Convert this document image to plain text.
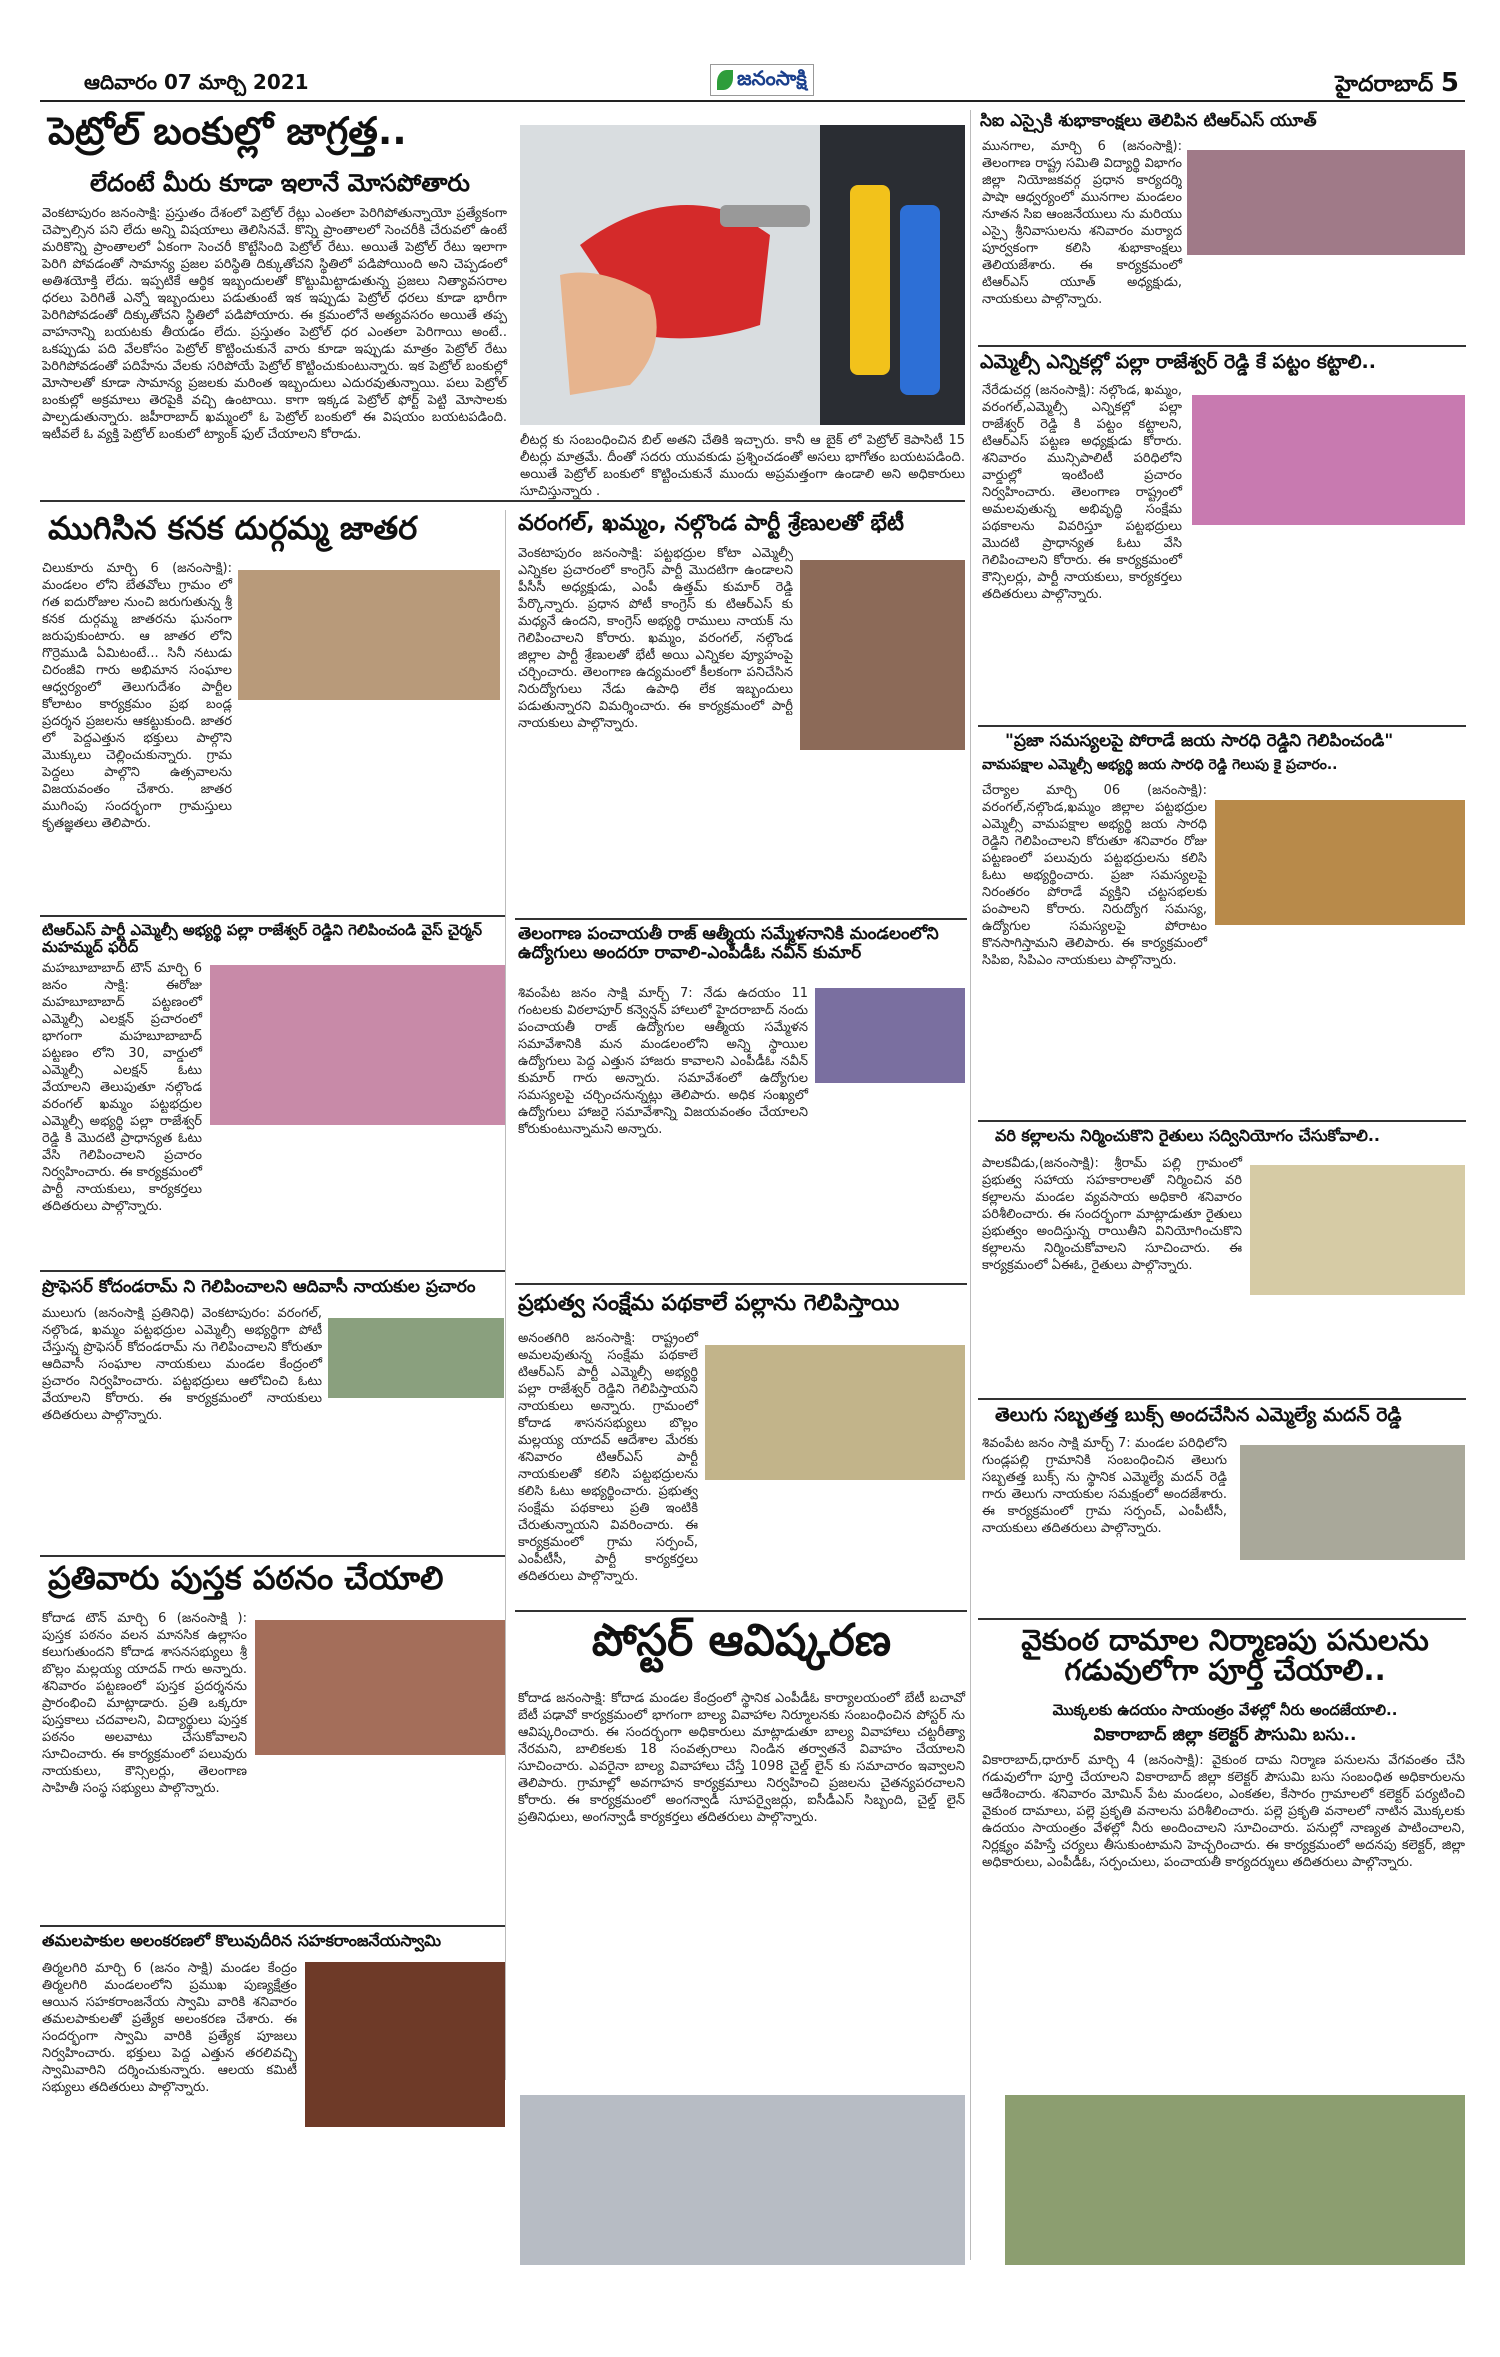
ఆదివారం 07 మార్చి 2021	జనంసాక్షి	హైదరాబాద్ 5
పెట్రోల్ బంకుల్లో జాగ్రత్త..
లేదంటే మీరు కూడా ఇలానే మోసపోతారు
వెంకటాపురం జనంసాక్షి: ప్రస్తుతం దేశంలో పెట్రోల్ రేట్లు ఎంతలా పెరిగిపోతున్నాయో ప్రత్యేకంగా చెప్పాల్సిన పని లేదు అన్ని విషయాలు తెలిసినవే. కొన్ని ప్రాంతాలలో సెంచరీకి చేరువలో ఉంటే మరికొన్ని ప్రాంతాలలో ఏకంగా సెంచరీ కొట్టేసింది పెట్రోల్ రేటు. అయితే పెట్రోల్ రేటు ఇలాగా పెరిగి పోవడంతో సామాన్య ప్రజల పరిస్థితి దిక్కుతోచని స్థితిలో పడిపోయింది అని చెప్పడంలో అతిశయోక్తి లేదు. ఇప్పటికే ఆర్థిక ఇబ్బందులతో కొట్టుమిట్టాడుతున్న ప్రజలు నిత్యావసరాల ధరలు పెరిగితే ఎన్నో ఇబ్బందులు పడుతుంటే ఇక ఇప్పుడు పెట్రోల్ ధరలు కూడా భారీగా పెరిగిపోవడంతో దిక్కుతోచని స్థితిలో పడిపోయారు. ఈ క్రమంలోనే అత్యవసరం అయితే తప్ప వాహనాన్ని బయటకు తీయడం లేదు. ప్రస్తుతం పెట్రోల్ ధర ఎంతలా పెరిగాయి అంటే.. ఒకప్పుడు పది వేలకోసం పెట్రోల్ కొట్టించుకునే వారు కూడా ఇప్పుడు మాత్రం పెట్రోల్ రేటు పెరిగిపోవడంతో పదిహేను వేలకు సరిపోయే పెట్రోల్ కొట్టించుకుంటున్నారు. ఇక పెట్రోల్ బంకుల్లో మోసాలతో కూడా సామాన్య ప్రజలకు మరింత ఇబ్బందులు ఎదురవుతున్నాయి. పలు పెట్రోల్ బంకుల్లో అక్రమాలు తెరపైకి వచ్చి ఉంటాయి. కాగా ఇక్కడ పెట్రోల్ ఫోర్ట్ పెట్టి మోసాలకు పాల్పడుతున్నారు. జహీరాబాద్ ఖమ్మంలో ఓ పెట్రోల్ బంకులో ఈ విషయం బయటపడింది. ఇటీవలే ఓ వ్యక్తి పెట్రోల్ బంకులో ట్యాంక్ ఫుల్ చేయాలని కోరాడు.	లీటర్ల కు సంబంధించిన బిల్ అతని చేతికి ఇచ్చారు. కానీ ఆ బైక్ లో పెట్రోల్ కెపాసిటీ 15 లీటర్లు మాత్రమే. దీంతో సదరు యువకుడు ప్రశ్నించడంతో అసలు భాగోతం బయటపడింది. అయితే పెట్రోల్ బంకులో కొట్టించుకునే ముందు అప్రమత్తంగా ఉండాలి అని అధికారులు సూచిస్తున్నారు .
ముగిసిన కనక దుర్గమ్మ జాతర
చిలుకూరు మార్చి 6 (జనంసాక్షి): మండలం లోని బేతవోలు గ్రామం లో గత ఐదురోజుల నుంచి జరుగుతున్న శ్రీ కనక దుర్గమ్మ జాతరను ఘనంగా జరుపుకుంటారు. ఆ జాతర లోని గొర్రెముడి ఏమిటంటే... సినీ నటుడు చిరంజీవి గారు అభిమాన సంఘాల ఆధ్వర్యంలో తెలుగుదేశం పార్టీల కోలాటం కార్యక్రమం ప్రభ బండ్ల ప్రదర్శన ప్రజలను ఆకట్టుకుంది. జాతర లో పెద్దఎత్తున భక్తులు పాల్గొని మొక్కులు చెల్లించుకున్నారు. గ్రామ పెద్దలు పాల్గొని ఉత్సవాలను విజయవంతం చేశారు. జాతర ముగింపు సందర్భంగా గ్రామస్తులు కృతజ్ఞతలు తెలిపారు.
టిఆర్ఎస్ పార్టీ ఎమ్మెల్సీ అభ్యర్థి పల్లా రాజేశ్వర్ రెడ్డిని గెలిపించండి వైస్ చైర్మన్ మహమ్మద్ ఫరీద్
మహబూబాబాద్ టౌన్ మార్చి 6 జనం సాక్షి: ఈరోజు మహబూబాబాద్ పట్టణంలో ఎమ్మెల్సీ ఎలక్షన్ ప్రచారంలో భాగంగా మహబూబాబాద్ పట్టణం లోని 30, వార్డులో ఎమ్మెల్సీ ఎలక్షన్ ఓటు వేయాలని తెలుపుతూ నల్గొండ వరంగల్ ఖమ్మం పట్టభద్రుల ఎమ్మెల్సీ అభ్యర్థి పల్లా రాజేశ్వర్ రెడ్డి కి మొదటి ప్రాధాన్యత ఓటు వేసి గెలిపించాలని ప్రచారం నిర్వహించారు. ఈ కార్యక్రమంలో పార్టీ నాయకులు, కార్యకర్తలు తదితరులు పాల్గొన్నారు.
ప్రొఫెసర్ కోదండరామ్ ని గెలిపించాలని ఆదివాసీ నాయకుల ప్రచారం
ములుగు (జనంసాక్షి ప్రతినిధి) వెంకటాపురం: వరంగల్, నల్గొండ, ఖమ్మం పట్టభద్రుల ఎమ్మెల్సీ అభ్యర్థిగా పోటీ చేస్తున్న ప్రొఫెసర్ కోదండరామ్ ను గెలిపించాలని కోరుతూ ఆదివాసీ సంఘాల నాయకులు మండల కేంద్రంలో ప్రచారం నిర్వహించారు. పట్టభద్రులు ఆలోచించి ఓటు వేయాలని కోరారు. ఈ కార్యక్రమంలో నాయకులు తదితరులు పాల్గొన్నారు.
ప్రతివారు పుస్తక పఠనం చేయాలి
కోదాడ టౌన్ మార్చి 6 (జనంసాక్షి ): పుస్తక పఠనం వలన మానసిక ఉల్లాసం కలుగుతుందని కోదాడ శాసనసభ్యులు శ్రీ బొల్లం మల్లయ్య యాదవ్ గారు అన్నారు. శనివారం పట్టణంలో పుస్తక ప్రదర్శనను ప్రారంభించి మాట్లాడారు. ప్రతి ఒక్కరూ పుస్తకాలు చదవాలని, విద్యార్థులు పుస్తక పఠనం అలవాటు చేసుకోవాలని సూచించారు. ఈ కార్యక్రమంలో పలువురు నాయకులు, కౌన్సిలర్లు, తెలంగాణ సాహితీ సంస్థ సభ్యులు పాల్గొన్నారు.
తమలపాకుల అలంకరణలో కొలువుదీరిన సహకరాంజనేయస్వామి
తిర్మలగిరి మార్చి 6 (జనం సాక్షి) మండల కేంద్రం తిర్మలగిరి మండలంలోని ప్రముఖ పుణ్యక్షేత్రం ఆయిన సహకరాంజనేయ స్వామి వారికి శనివారం తమలపాకులతో ప్రత్యేక అలంకరణ చేశారు. ఈ సందర్భంగా స్వామి వారికి ప్రత్యేక పూజలు నిర్వహించారు. భక్తులు పెద్ద ఎత్తున తరలివచ్చి స్వామివారిని దర్శించుకున్నారు. ఆలయ కమిటీ సభ్యులు తదితరులు పాల్గొన్నారు.
వరంగల్, ఖమ్మం, నల్గొండ పార్టీ శ్రేణులతో భేటీ
వెంకటాపురం జనంసాక్షి: పట్టభద్రుల కోటా ఎమ్మెల్సీ ఎన్నికల ప్రచారంలో కాంగ్రెస్ పార్టీ మొదటిగా ఉండాలని పీసీసీ అధ్యక్షుడు, ఎంపీ ఉత్తమ్ కుమార్ రెడ్డి పేర్కొన్నారు. ప్రధాన పోటీ కాంగ్రెస్ కు టిఆర్ఎస్ కు మధ్యనే ఉందని, కాంగ్రెస్ అభ్యర్థి రాములు నాయక్ ను గెలిపించాలని కోరారు. ఖమ్మం, వరంగల్, నల్గొండ జిల్లాల పార్టీ శ్రేణులతో భేటీ అయి ఎన్నికల వ్యూహంపై చర్చించారు. తెలంగాణ ఉద్యమంలో కీలకంగా పనిచేసిన నిరుద్యోగులు నేడు ఉపాధి లేక ఇబ్బందులు పడుతున్నారని విమర్శించారు. ఈ కార్యక్రమంలో పార్టీ నాయకులు పాల్గొన్నారు.
తెలంగాణ పంచాయతీ రాజ్ ఆత్మీయ సమ్మేళనానికి మండలంలోని ఉద్యోగులు అందరూ రావాలి-ఎంపీడీఓ నవీన్ కుమార్
శివంపేట జనం సాక్షి మార్చ్ 7: నేడు ఉదయం 11 గంటలకు విఠలాపూర్ కన్వెన్షన్ హాలులో హైదరాబాద్ నందు పంచాయతీ రాజ్ ఉద్యోగుల ఆత్మీయ సమ్మేళన సమావేశానికి మన మండలంలోని అన్ని స్థాయిల ఉద్యోగులు పెద్ద ఎత్తున హాజరు కావాలని ఎంపీడీఓ నవీన్ కుమార్ గారు అన్నారు. సమావేశంలో ఉద్యోగుల సమస్యలపై చర్చించనున్నట్లు తెలిపారు. అధిక సంఖ్యలో ఉద్యోగులు హాజరై సమావేశాన్ని విజయవంతం చేయాలని కోరుకుంటున్నామని అన్నారు.
ప్రభుత్వ సంక్షేమ పథకాలే పల్లాను గెలిపిస్తాయి
అనంతగిరి జనంసాక్షి: రాష్ట్రంలో అమలవుతున్న సంక్షేమ పథకాలే టిఆర్ఎస్ పార్టీ ఎమ్మెల్సీ అభ్యర్థి పల్లా రాజేశ్వర్ రెడ్డిని గెలిపిస్తాయని నాయకులు అన్నారు. గ్రామంలో కోదాడ శాసనసభ్యులు బొల్లం మల్లయ్య యాదవ్ ఆదేశాల మేరకు శనివారం టిఆర్ఎస్ పార్టీ నాయకులతో కలిసి పట్టభద్రులను కలిసి ఓటు అభ్యర్థించారు. ప్రభుత్వ సంక్షేమ పథకాలు ప్రతి ఇంటికి చేరుతున్నాయని వివరించారు. ఈ కార్యక్రమంలో గ్రామ సర్పంచ్, ఎంపీటీసీ, పార్టీ కార్యకర్తలు తదితరులు పాల్గొన్నారు.
పోస్టర్ ఆవిష్కరణ
కోదాడ జనంసాక్షి: కోదాడ మండల కేంద్రంలో స్థానిక ఎంపీడీఓ కార్యాలయంలో బేటీ బచావో బేటీ పఢావో కార్యక్రమంలో భాగంగా బాల్య వివాహాల నిర్మూలనకు సంబంధించిన పోస్టర్ ను ఆవిష్కరించారు. ఈ సందర్భంగా అధికారులు మాట్లాడుతూ బాల్య వివాహాలు చట్టరీత్యా నేరమని, బాలికలకు 18 సంవత్సరాలు నిండిన తర్వాతనే వివాహం చేయాలని సూచించారు. ఎవరైనా బాల్య వివాహాలు చేస్తే 1098 చైల్డ్ లైన్ కు సమాచారం ఇవ్వాలని తెలిపారు. గ్రామాల్లో అవగాహన కార్యక్రమాలు నిర్వహించి ప్రజలను చైతన్యపరచాలని కోరారు. ఈ కార్యక్రమంలో అంగన్వాడీ సూపర్వైజర్లు, ఐసీడీఎస్ సిబ్బంది, చైల్డ్ లైన్ ప్రతినిధులు, అంగన్వాడీ కార్యకర్తలు తదితరులు పాల్గొన్నారు.
సిఐ ఎస్సైకి శుభాకాంక్షలు తెలిపిన టిఆర్ఎస్ యూత్
మునగాల, మార్చి 6 (జనంసాక్షి): తెలంగాణ రాష్ట్ర సమితి విద్యార్థి విభాగం జిల్లా నియోజకవర్గ ప్రధాన కార్యదర్శి పాషా ఆధ్వర్యంలో మునగాల మండలం నూతన సిఐ ఆంజనేయులు ను మరియు ఎస్సై శ్రీనివాసులను శనివారం మర్యాద పూర్వకంగా కలిసి శుభాకాంక్షలు తెలియజేశారు. ఈ కార్యక్రమంలో టిఆర్ఎస్ యూత్ అధ్యక్షుడు, నాయకులు పాల్గొన్నారు.
ఎమ్మెల్సీ ఎన్నికల్లో పల్లా రాజేశ్వర్ రెడ్డి కే పట్టం కట్టాలి..
నేరేడుచర్ల (జనంసాక్షి): నల్గొండ, ఖమ్మం, వరంగల్,ఎమ్మెల్సీ ఎన్నికల్లో పల్లా రాజేశ్వర్ రెడ్డి కి పట్టం కట్టాలని, టిఆర్ఎస్ పట్టణ అధ్యక్షుడు కోరారు. శనివారం మున్సిపాలిటీ పరిధిలోని వార్డుల్లో ఇంటింటి ప్రచారం నిర్వహించారు. తెలంగాణ రాష్ట్రంలో అమలవుతున్న అభివృద్ధి సంక్షేమ పథకాలను వివరిస్తూ పట్టభద్రులు మొదటి ప్రాధాన్యత ఓటు వేసి గెలిపించాలని కోరారు. ఈ కార్యక్రమంలో కౌన్సిలర్లు, పార్టీ నాయకులు, కార్యకర్తలు తదితరులు పాల్గొన్నారు.
"ప్రజా సమస్యలపై పోరాడే జయ సారధి రెడ్డిని గెలిపించండి"
వామపక్షాల ఎమ్మెల్సీ అభ్యర్థి జయ సారధి రెడ్డి గెలుపు కై ప్రచారం..
చేర్యాల మార్చి 06 (జనంసాక్షి): వరంగల్,నల్గొండ,ఖమ్మం జిల్లాల పట్టభద్రుల ఎమ్మెల్సీ వామపక్షాల అభ్యర్థి జయ సారధి రెడ్డిని గెలిపించాలని కోరుతూ శనివారం రోజు పట్టణంలో పలువురు పట్టభద్రులను కలిసి ఓటు అభ్యర్థించారు. ప్రజా సమస్యలపై నిరంతరం పోరాడే వ్యక్తిని చట్టసభలకు పంపాలని కోరారు. నిరుద్యోగ సమస్య, ఉద్యోగుల సమస్యలపై పోరాటం కొనసాగిస్తామని తెలిపారు. ఈ కార్యక్రమంలో సిపిఐ, సిపిఎం నాయకులు పాల్గొన్నారు.
వరి కల్లాలను నిర్మించుకొని రైతులు సద్వినియోగం చేసుకోవాలి..
పాలకవీడు,(జనంసాక్షి): శ్రీరామ్ పల్లి గ్రామంలో ప్రభుత్వ సహాయ సహకారాలతో నిర్మించిన వరి కల్లాలను మండల వ్యవసాయ అధికారి శనివారం పరిశీలించారు. ఈ సందర్భంగా మాట్లాడుతూ రైతులు ప్రభుత్వం అందిస్తున్న రాయితీని వినియోగించుకొని కల్లాలను నిర్మించుకోవాలని సూచించారు. ఈ కార్యక్రమంలో ఏఈఓ, రైతులు పాల్గొన్నారు.
తెలుగు సబ్బతత్త బుక్స్ అందచేసిన ఎమ్మెల్యే మదన్ రెడ్డి
శివంపేట జనం సాక్షి మార్చ్ 7: మండల పరిధిలోని గుండ్లపల్లి గ్రామానికి సంబంధించిన తెలుగు సబ్బతత్త బుక్స్ ను స్థానిక ఎమ్మెల్యే మదన్ రెడ్డి గారు తెలుగు నాయకుల సమక్షంలో అందజేశారు. ఈ కార్యక్రమంలో గ్రామ సర్పంచ్, ఎంపీటీసీ, నాయకులు తదితరులు పాల్గొన్నారు.
వైకుంఠ దామాల నిర్మాణపు పనులను గడువులోగా పూర్తి చేయాలి..
మొక్కలకు ఉదయం సాయంత్రం వేళల్లో నీరు అందజేయాలి..
వికారాబాద్ జిల్లా కలెక్టర్ పౌసుమి బసు..
వికారాబాద్,ధారూర్ మార్చి 4 (జనంసాక్షి): వైకుంఠ దామ నిర్మాణ పనులను వేగవంతం చేసి గడువులోగా పూర్తి చేయాలని వికారాబాద్ జిల్లా కలెక్టర్ పౌసుమి బసు సంబంధిత అధికారులను ఆదేశించారు. శనివారం మోమిన్ పేట మండలం, ఎంకతల, కేసారం గ్రామాలలో కలెక్టర్ పర్యటించి వైకుంఠ దామాలు, పల్లె ప్రకృతి వనాలను పరిశీలించారు. పల్లె ప్రకృతి వనాలలో నాటిన మొక్కలకు ఉదయం సాయంత్రం వేళల్లో నీరు అందించాలని సూచించారు. పనుల్లో నాణ్యత పాటించాలని, నిర్లక్ష్యం వహిస్తే చర్యలు తీసుకుంటామని హెచ్చరించారు. ఈ కార్యక్రమంలో అదనపు కలెక్టర్, జిల్లా అధికారులు, ఎంపీడీఓ, సర్పంచులు, పంచాయతీ కార్యదర్శులు తదితరులు పాల్గొన్నారు.
